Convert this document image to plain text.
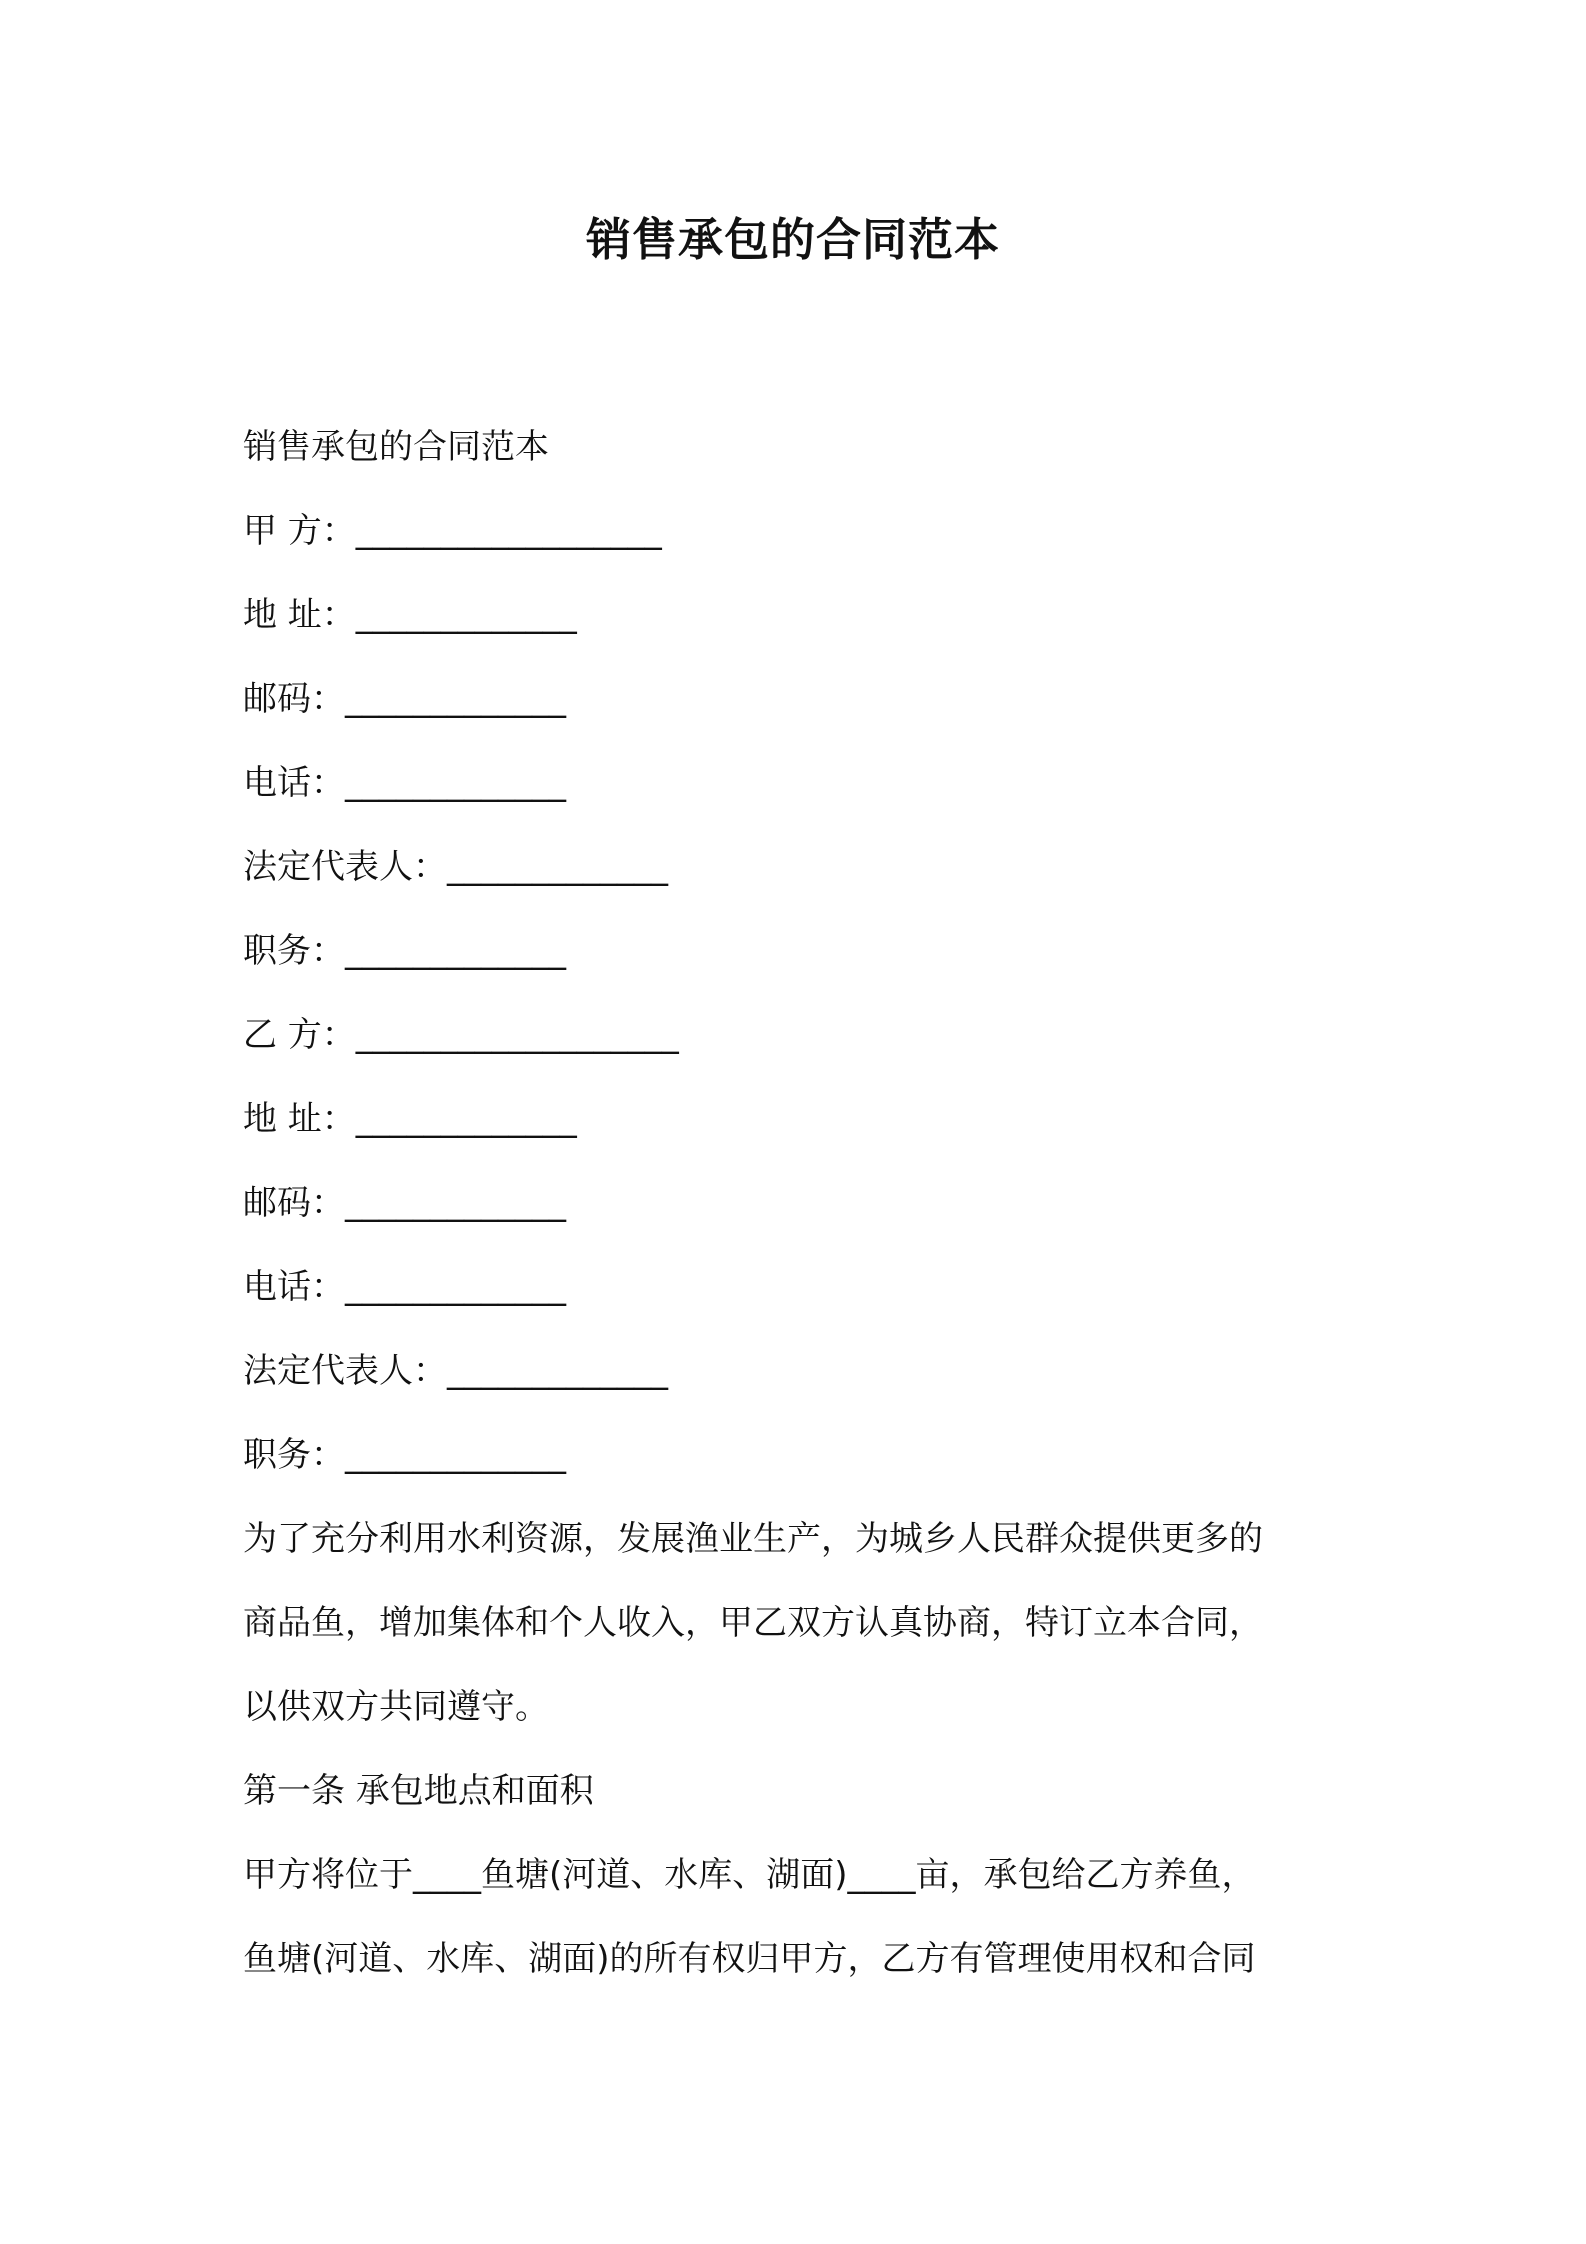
销售承包的合同范本
销售承包的合同范本
甲 方：__________________
地 址：_____________
邮码：_____________
电话：_____________
法定代表人：_____________
职务：_____________
乙 方：___________________
地 址：_____________
邮码：_____________
电话：_____________
法定代表人：_____________
职务：_____________
为了充分利用水利资源，发展渔业生产，为城乡人民群众提供更多的
商品鱼，增加集体和个人收入，甲乙双方认真协商，特订立本合同，
以供双方共同遵守。
第一条 承包地点和面积
甲方将位于____鱼塘(河道、水库、湖面)____亩，承包给乙方养鱼，
鱼塘(河道、水库、湖面)的所有权归甲方，乙方有管理使用权和合同
